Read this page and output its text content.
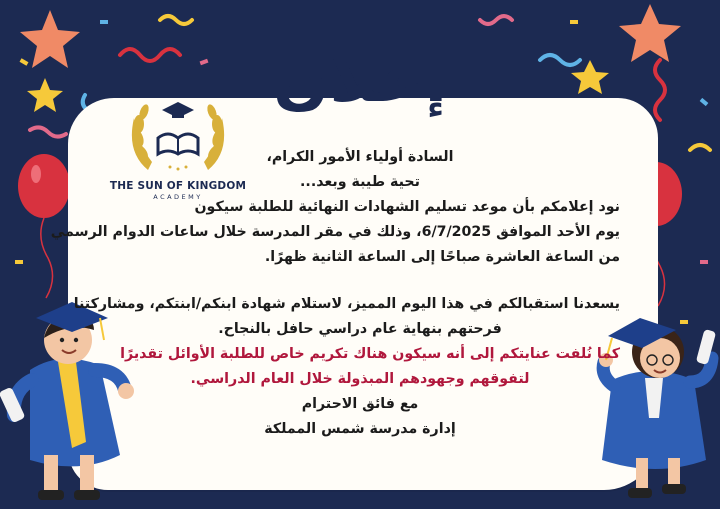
إعلان
THE SUN OF KINGDOM
ACADEMY
السادة أولياء الأمور الكرام،
تحية طيبة وبعد...
نود إعلامكم بأن موعد تسليم الشهادات النهائية للطلبة سيكون
يوم الأحد الموافق 6/7/2025، وذلك في مقر المدرسة خلال ساعات الدوام الرسمي
من الساعة العاشرة صباحًا إلى الساعة الثانية ظهرًا.
يسعدنا استقبالكم في هذا اليوم المميز، لاستلام شهادة ابنكم/ابنتكم، ومشاركتنا
فرحتهم بنهاية عام دراسي حافل بالنجاح.
كما نُلفت عنايتكم إلى أنه سيكون هناك تكريم خاص للطلبة الأوائل تقديرًا
لتفوقهم وجهودهم المبذولة خلال العام الدراسي.
مع فائق الاحترام
إدارة مدرسة شمس المملكة
